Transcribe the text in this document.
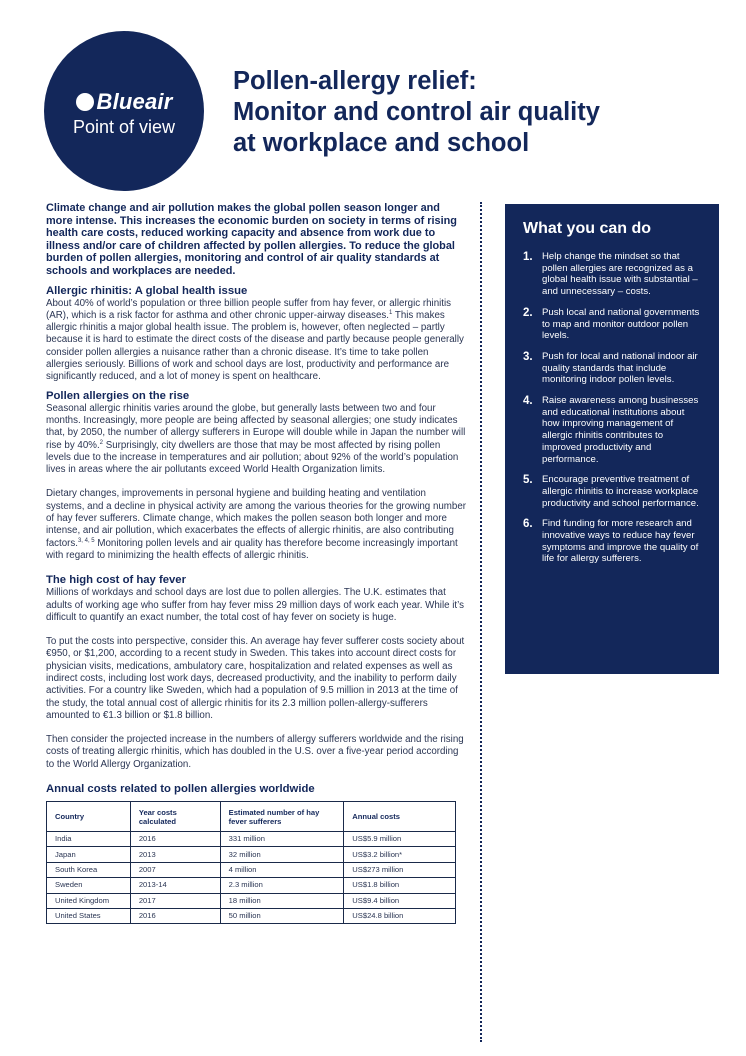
Blueair
Point of view
Pollen-allergy relief:
Monitor and control air quality
at workplace and school

Climate change and air pollution makes the global pollen season longer and more intense. This increases the economic burden on society in terms of rising health care costs, reduced working capacity and absence from work due to illness and/or care of children affected by pollen allergies. To reduce the global burden of pollen allergies, monitoring and control of air quality standards at schools and workplaces are needed.

Allergic rhinitis: A global health issue

About 40% of world’s population or three billion people suffer from hay fever, or allergic rhinitis (AR), which is a risk factor for asthma and other chronic upper-airway diseases.$^1$ This makes allergic rhinitis a major global health issue. The problem is, however, often neglected – partly because it is hard to estimate the direct costs of the disease and partly because people generally consider pollen allergies a nuisance rather than a chronic disease. It’s time to take pollen allergies seriously. Billions of work and school days are lost, productivity and performance are significantly reduced, and a lot of money is spent on healthcare.

Pollen allergies on the rise

Seasonal allergic rhinitis varies around the globe, but generally lasts between two and four months. Increasingly, more people are being affected by seasonal allergies; one study indicates that, by 2050, the number of allergy sufferers in Europe will double while in Japan the number will rise by 40%.$^2$ Surprisingly, city dwellers are those that may be most affected by rising pollen levels due to the increase in temperatures and air pollution; about 92% of the world’s population lives in areas where the air pollutants exceed World Health Organization limits.

Dietary changes, improvements in personal hygiene and building heating and ventilation systems, and a decline in physical activity are among the various theories for the growing number of hay fever sufferers. Climate change, which makes the pollen season both longer and more intense, and air pollution, which exacerbates the effects of allergic rhinitis, are also contributing factors.$^{3, 4, 5}$ Monitoring pollen levels and air quality has therefore become increasingly important with regard to minimizing the health effects of allergic rhinitis.

The high cost of hay fever

Millions of workdays and school days are lost due to pollen allergies. The U.K. estimates that adults of working age who suffer from hay fever miss 29 million days of work each year. While it’s difficult to quantify an exact number, the total cost of hay fever on society is huge.

To put the costs into perspective, consider this. An average hay fever sufferer costs society about €950, or $1,200, according to a recent study in Sweden. This takes into account direct costs for physician visits, medications, ambulatory care, hospitalization and related expenses as well as indirect costs, including lost work days, decreased productivity, and the inability to perform daily activities. For a country like Sweden, which had a population of 9.5 million in 2013 at the time of the study, the total annual cost of allergic rhinitis for its 2.3 million pollen-allergy-sufferers amounted to €1.3 billion or $1.8 billion.

Then consider the projected increase in the numbers of allergy sufferers worldwide and the rising costs of treating allergic rhinitis, which has doubled in the U.S. over a five-year period according to the World Allergy Organization.

Annual costs related to pollen allergies worldwide
Country	Year costs calculated	Estimated number of hay fever sufferers	Annual costs
India	2016	331 million	US$5.9 million
Japan	2013	32 million	US$3.2 billion*
South Korea	2007	4 million	US$273 million
Sweden	2013-14	2.3 million	US$1.8 billion
United Kingdom	2017	18 million	US$9.4 billion
United States	2016	50 million	US$24.8 billion
What you can do
1. Help change the mindset so that pollen allergies are recognized as a global health issue with substantial – and unnecessary – costs.
2. Push local and national governments to map and monitor outdoor pollen levels.
3. Push for local and national indoor air quality standards that include monitoring indoor pollen levels.
4. Raise awareness among businesses and educational institutions about how improving management of allergic rhinitis contributes to improved productivity and performance.
5. Encourage preventive treatment of allergic rhinitis to increase workplace productivity and school performance.
6. Find funding for more research and innovative ways to reduce hay fever symptoms and improve the quality of life for allergy sufferers.
